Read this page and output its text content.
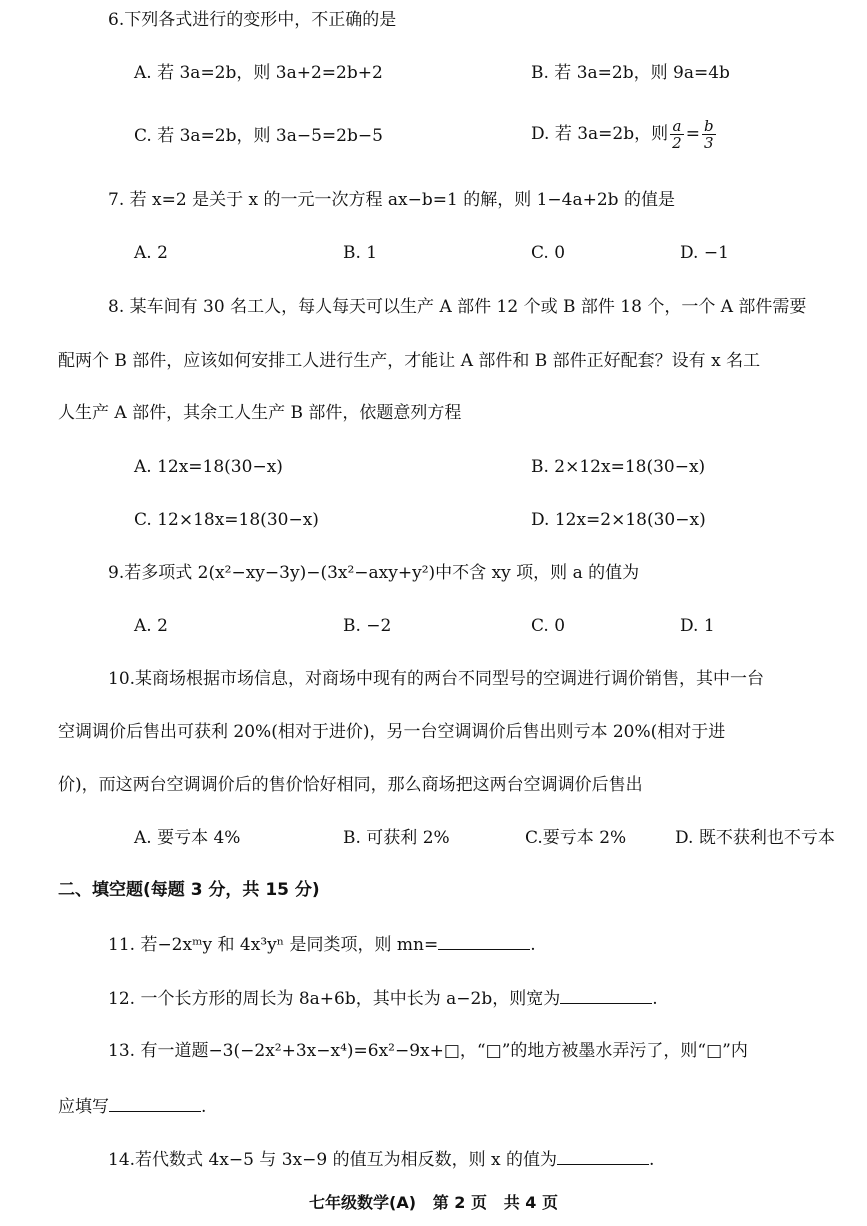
6.下列各式进行的变形中，不正确的是
A. 若 3a=2b，则 3a+2=2b+2	B. 若 3a=2b，则 9a=4b
C. 若 3a=2b，则 3a−5=2b−5	D. 若 3a=2b，则 $\frac{a}{2} = \frac{b}{3}$
7. 若 x=2 是关于 x 的一元一次方程 ax−b=1 的解，则 1−4a+2b 的值是
A. 2	B. 1	C. 0	D. −1
8. 某车间有 30 名工人，每人每天可以生产 A 部件 12 个或 B 部件 18 个，一个 A 部件需要
配两个 B 部件，应该如何安排工人进行生产，才能让 A 部件和 B 部件正好配套？设有 x 名工
人生产 A 部件，其余工人生产 B 部件，依题意列方程
A. 12x=18(30−x)	B. 2×12x=18(30−x)
C. 12×18x=18(30−x)	D. 12x=2×18(30−x)
9.若多项式 2(x²−xy−3y)−(3x²−axy+y²)中不含 xy 项，则 a 的值为
A. 2	B. −2	C. 0	D. 1
10.某商场根据市场信息，对商场中现有的两台不同型号的空调进行调价销售，其中一台
空调调价后售出可获利 20%(相对于进价)，另一台空调调价后售出则亏本 20%(相对于进
价)，而这两台空调调价后的售价恰好相同，那么商场把这两台空调调价后售出
A. 要亏本 4%	B. 可获利 2%	C.要亏本 2%	D. 既不获利也不亏本
二、填空题(每题 3 分，共 15 分)
11. 若−2xᵐy 和 4x³yⁿ 是同类项，则 mn=	.
12. 一个长方形的周长为 8a+6b，其中长为 a−2b，则宽为	.
13. 有一道题−3(−2x²+3x−x⁴)=6x²−9x+□，“□”的地方被墨水弄污了，则“□”内
应填写	.
14.若代数式 4x−5 与 3x−9 的值互为相反数，则 x 的值为	.
七年级数学(A)   第 2 页   共 4 页
